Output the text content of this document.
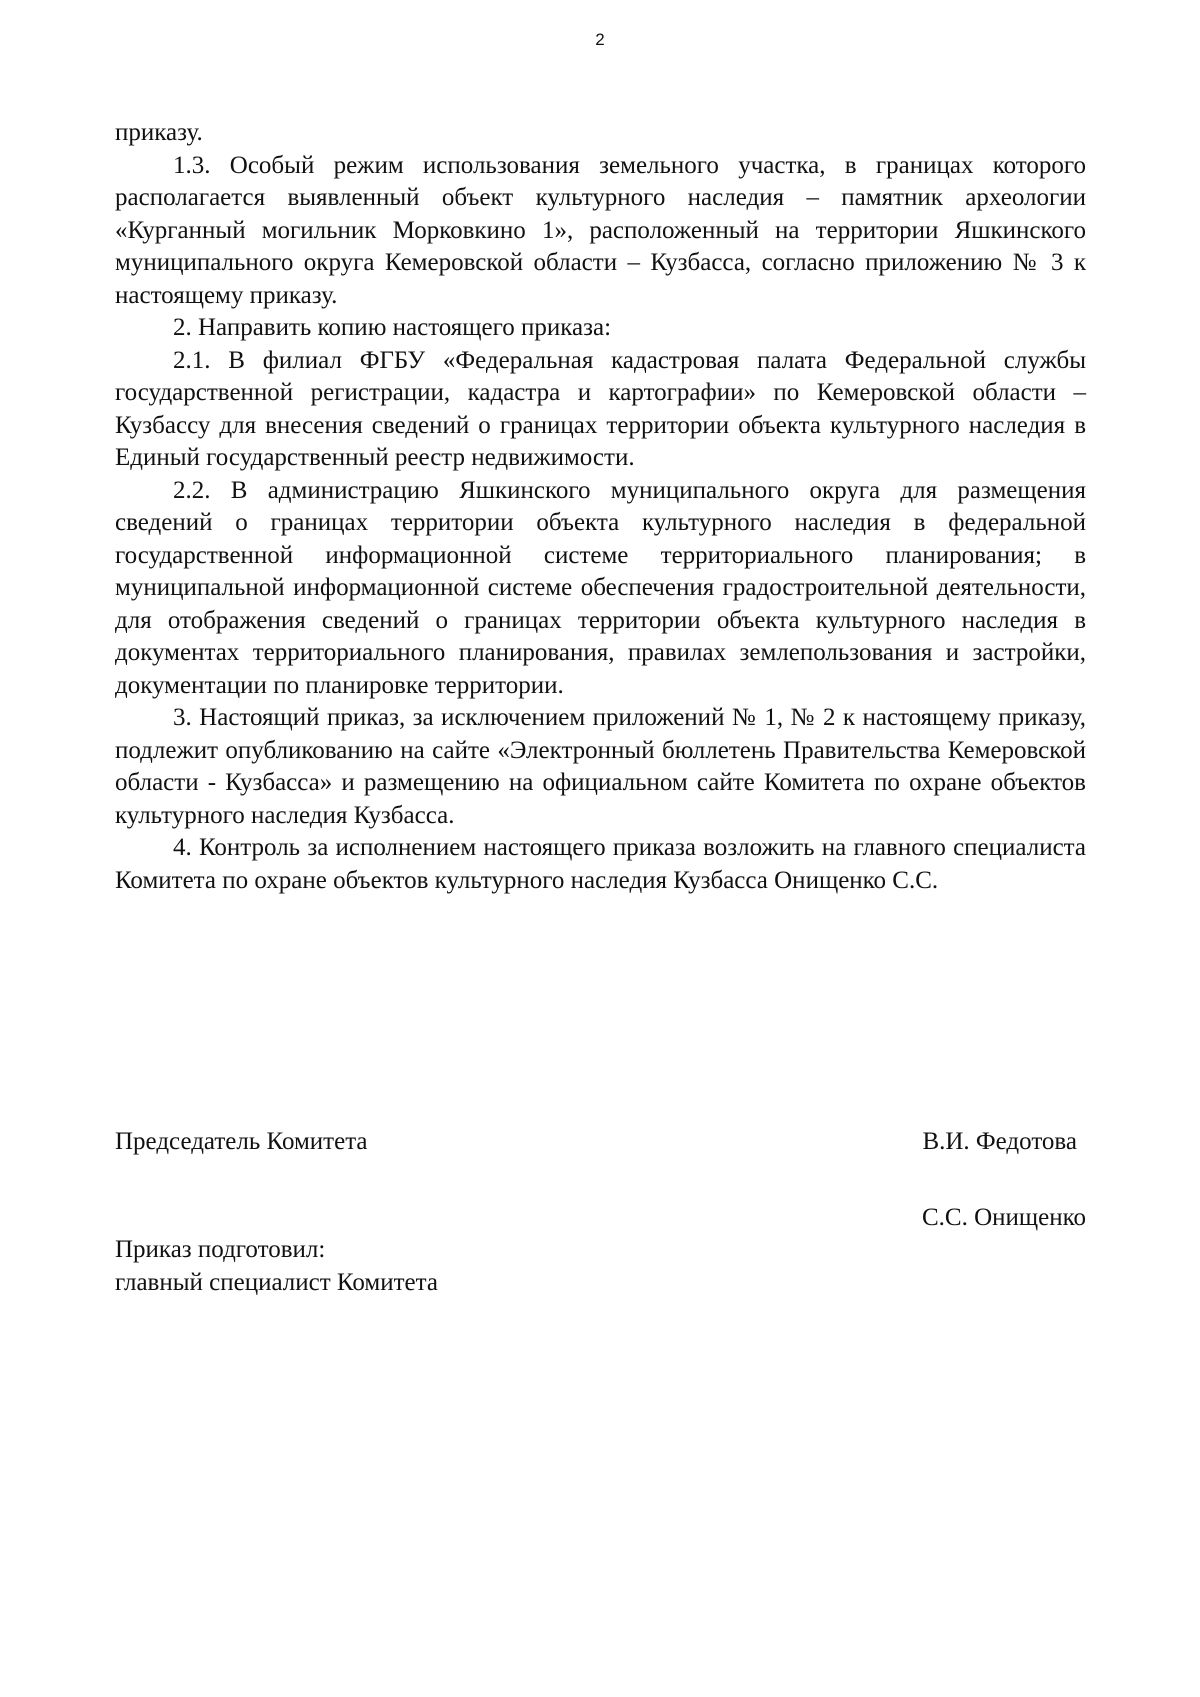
2

приказу.

1.3. Особый режим использования земельного участка, в границах которого располагается выявленный объект культурного наследия – памятник археологии «Курганный могильник Морковкино 1», расположенный на территории Яшкинского муниципального округа Кемеровской области – Кузбасса, согласно приложению № 3 к настоящему приказу.

2. Направить копию настоящего приказа:

2.1. В филиал ФГБУ «Федеральная кадастровая палата Федеральной службы государственной регистрации, кадастра и картографии» по Кемеровской области – Кузбассу для внесения сведений о границах территории объекта культурного наследия в Единый государственный реестр недвижимости.

2.2. В администрацию Яшкинского муниципального округа для размещения сведений о границах территории объекта культурного наследия в федеральной государственной информационной системе территориального планирования; в муниципальной информационной системе обеспечения градостроительной деятельности, для отображения сведений о границах территории объекта культурного наследия в документах территориального планирования, правилах землепользования и застройки, документации по планировке территории.

3. Настоящий приказ, за исключением приложений № 1, № 2 к настоящему приказу, подлежит опубликованию на сайте «Электронный бюллетень Правительства Кемеровской области - Кузбасса» и размещению на официальном сайте Комитета по охране объектов культурного наследия Кузбасса.

4. Контроль за исполнением настоящего приказа возложить на главного специалиста Комитета по охране объектов культурного наследия Кузбасса Онищенко С.С.

Председатель Комитета	В.И. Федотова
Приказ подготовил:
главный специалист Комитета
С.С. Онищенко
